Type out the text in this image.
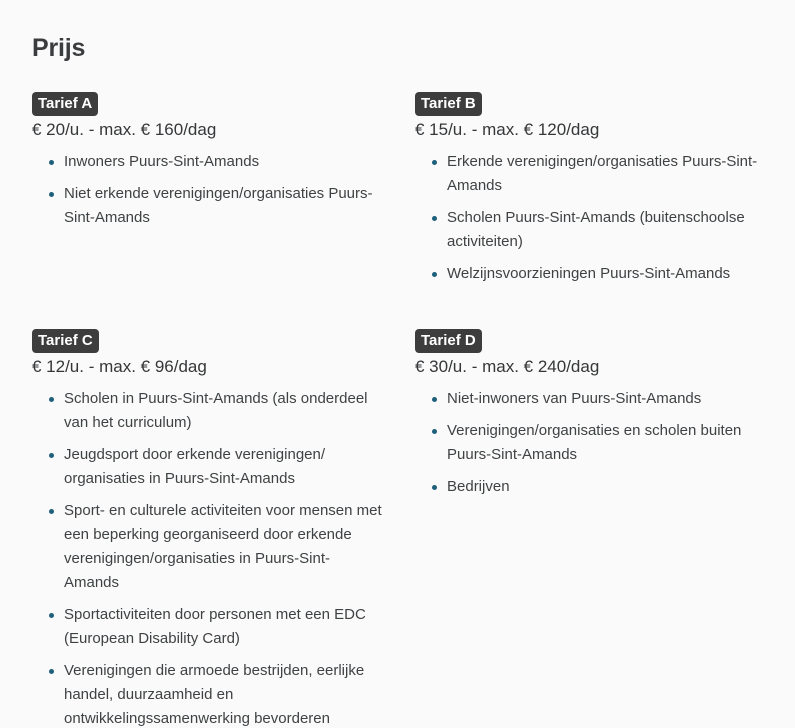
Prijs
Tarief A
€ 20/u. - max. € 160/dag
Inwoners Puurs-Sint-Amands
Niet erkende verenigingen/organisaties Puurs-Sint-Amands
Tarief B
€ 15/u. - max. € 120/dag
Erkende verenigingen/organisaties Puurs-Sint-Amands
Scholen Puurs-Sint-Amands (buitenschoolse activiteiten)
Welzijnsvoorzieningen Puurs-Sint-Amands
Tarief C
€ 12/u. - max. € 96/dag
Scholen in Puurs-Sint-Amands (als onderdeel van het curriculum)
Jeugdsport door erkende verenigingen/ organisaties in Puurs-Sint-Amands
Sport- en culturele activiteiten voor mensen met een beperking georganiseerd door erkende verenigingen/organisaties in Puurs-Sint-Amands
Sportactiviteiten door personen met een EDC (European Disability Card)
Verenigingen die armoede bestrijden, eerlijke handel, duurzaamheid en ontwikkelingssamenwerking bevorderen
Tarief D
€ 30/u. - max. € 240/dag
Niet-inwoners van Puurs-Sint-Amands
Verenigingen/organisaties en scholen buiten Puurs-Sint-Amands
Bedrijven
